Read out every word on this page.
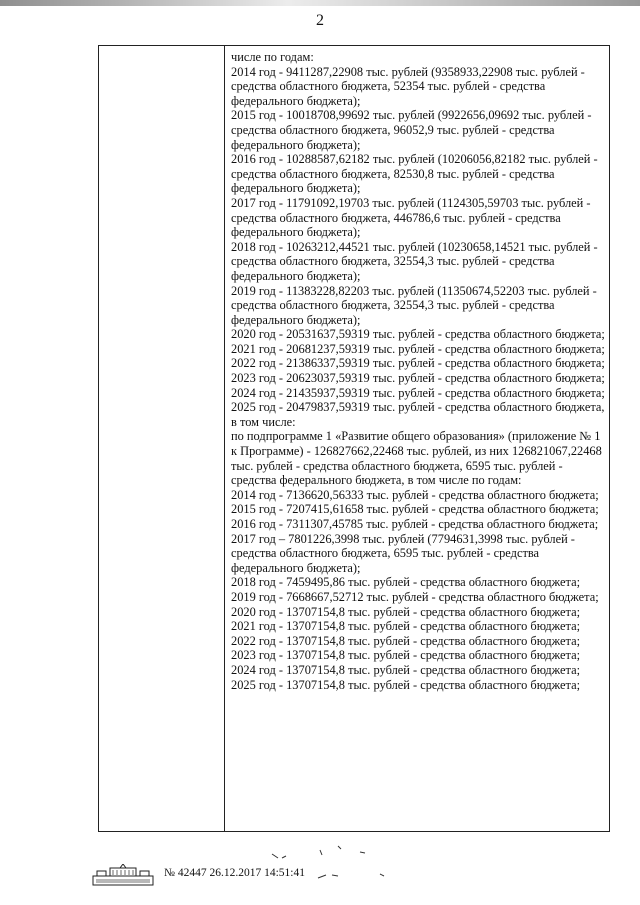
2

числе по годам:

2014 год - 9411287,22908 тыс. рублей (9358933,22908 тыс. рублей - средства областного бюджета, 52354 тыс. рублей - средства федерального бюджета);

2015 год - 10018708,99692 тыс. рублей (9922656,09692 тыс. рублей - средства областного бюджета, 96052,9 тыс. рублей - средства федерального бюджета);

2016 год - 10288587,62182 тыс. рублей (10206056,82182 тыс. рублей - средства областного бюджета, 82530,8 тыс. рублей - средства федерального бюджета);

2017 год - 11791092,19703 тыс. рублей (1124305,59703 тыс. рублей - средства областного бюджета, 446786,6 тыс. рублей - средства федерального бюджета);

2018 год - 10263212,44521 тыс. рублей (10230658,14521 тыс. рублей - средства областного бюджета, 32554,3 тыс. рублей - средства федерального бюджета);

2019 год - 11383228,82203 тыс. рублей (11350674,52203 тыс. рублей - средства областного бюджета, 32554,3 тыс. рублей - средства федерального бюджета);

2020 год - 20531637,59319 тыс. рублей - средства областного бюджета;

2021 год - 20681237,59319 тыс. рублей - средства областного бюджета;

2022 год - 21386337,59319 тыс. рублей - средства областного бюджета;

2023 год - 20623037,59319 тыс. рублей - средства областного бюджета;

2024 год - 21435937,59319 тыс. рублей - средства областного бюджета;

2025 год - 20479837,59319 тыс. рублей - средства областного бюджета, в том числе:

по подпрограмме 1 «Развитие общего образования» (приложение № 1 к Программе) - 126827662,22468 тыс. рублей, из них 126821067,22468 тыс. рублей - средства областного бюджета, 6595 тыс. рублей - средства федерального бюджета, в том числе по годам:

2014 год - 7136620,56333 тыс. рублей - средства областного бюджета;

2015 год - 7207415,61658 тыс. рублей - средства областного бюджета;

2016 год - 7311307,45785 тыс. рублей - средства областного бюджета;

2017 год – 7801226,3998 тыс. рублей (7794631,3998 тыс. рублей - средства областного бюджета, 6595 тыс. рублей - средства федерального бюджета);

2018 год - 7459495,86 тыс. рублей - средства областного бюджета;

2019 год - 7668667,52712 тыс. рублей - средства областного бюджета;

2020 год - 13707154,8 тыс. рублей - средства областного бюджета;

2021 год - 13707154,8 тыс. рублей - средства областного бюджета;

2022 год - 13707154,8 тыс. рублей - средства областного бюджета;

2023 год - 13707154,8 тыс. рублей - средства областного бюджета;

2024 год - 13707154,8 тыс. рублей - средства областного бюджета;

2025 год - 13707154,8 тыс. рублей - средства областного бюджета;

№ 42447 26.12.2017 14:51:41
